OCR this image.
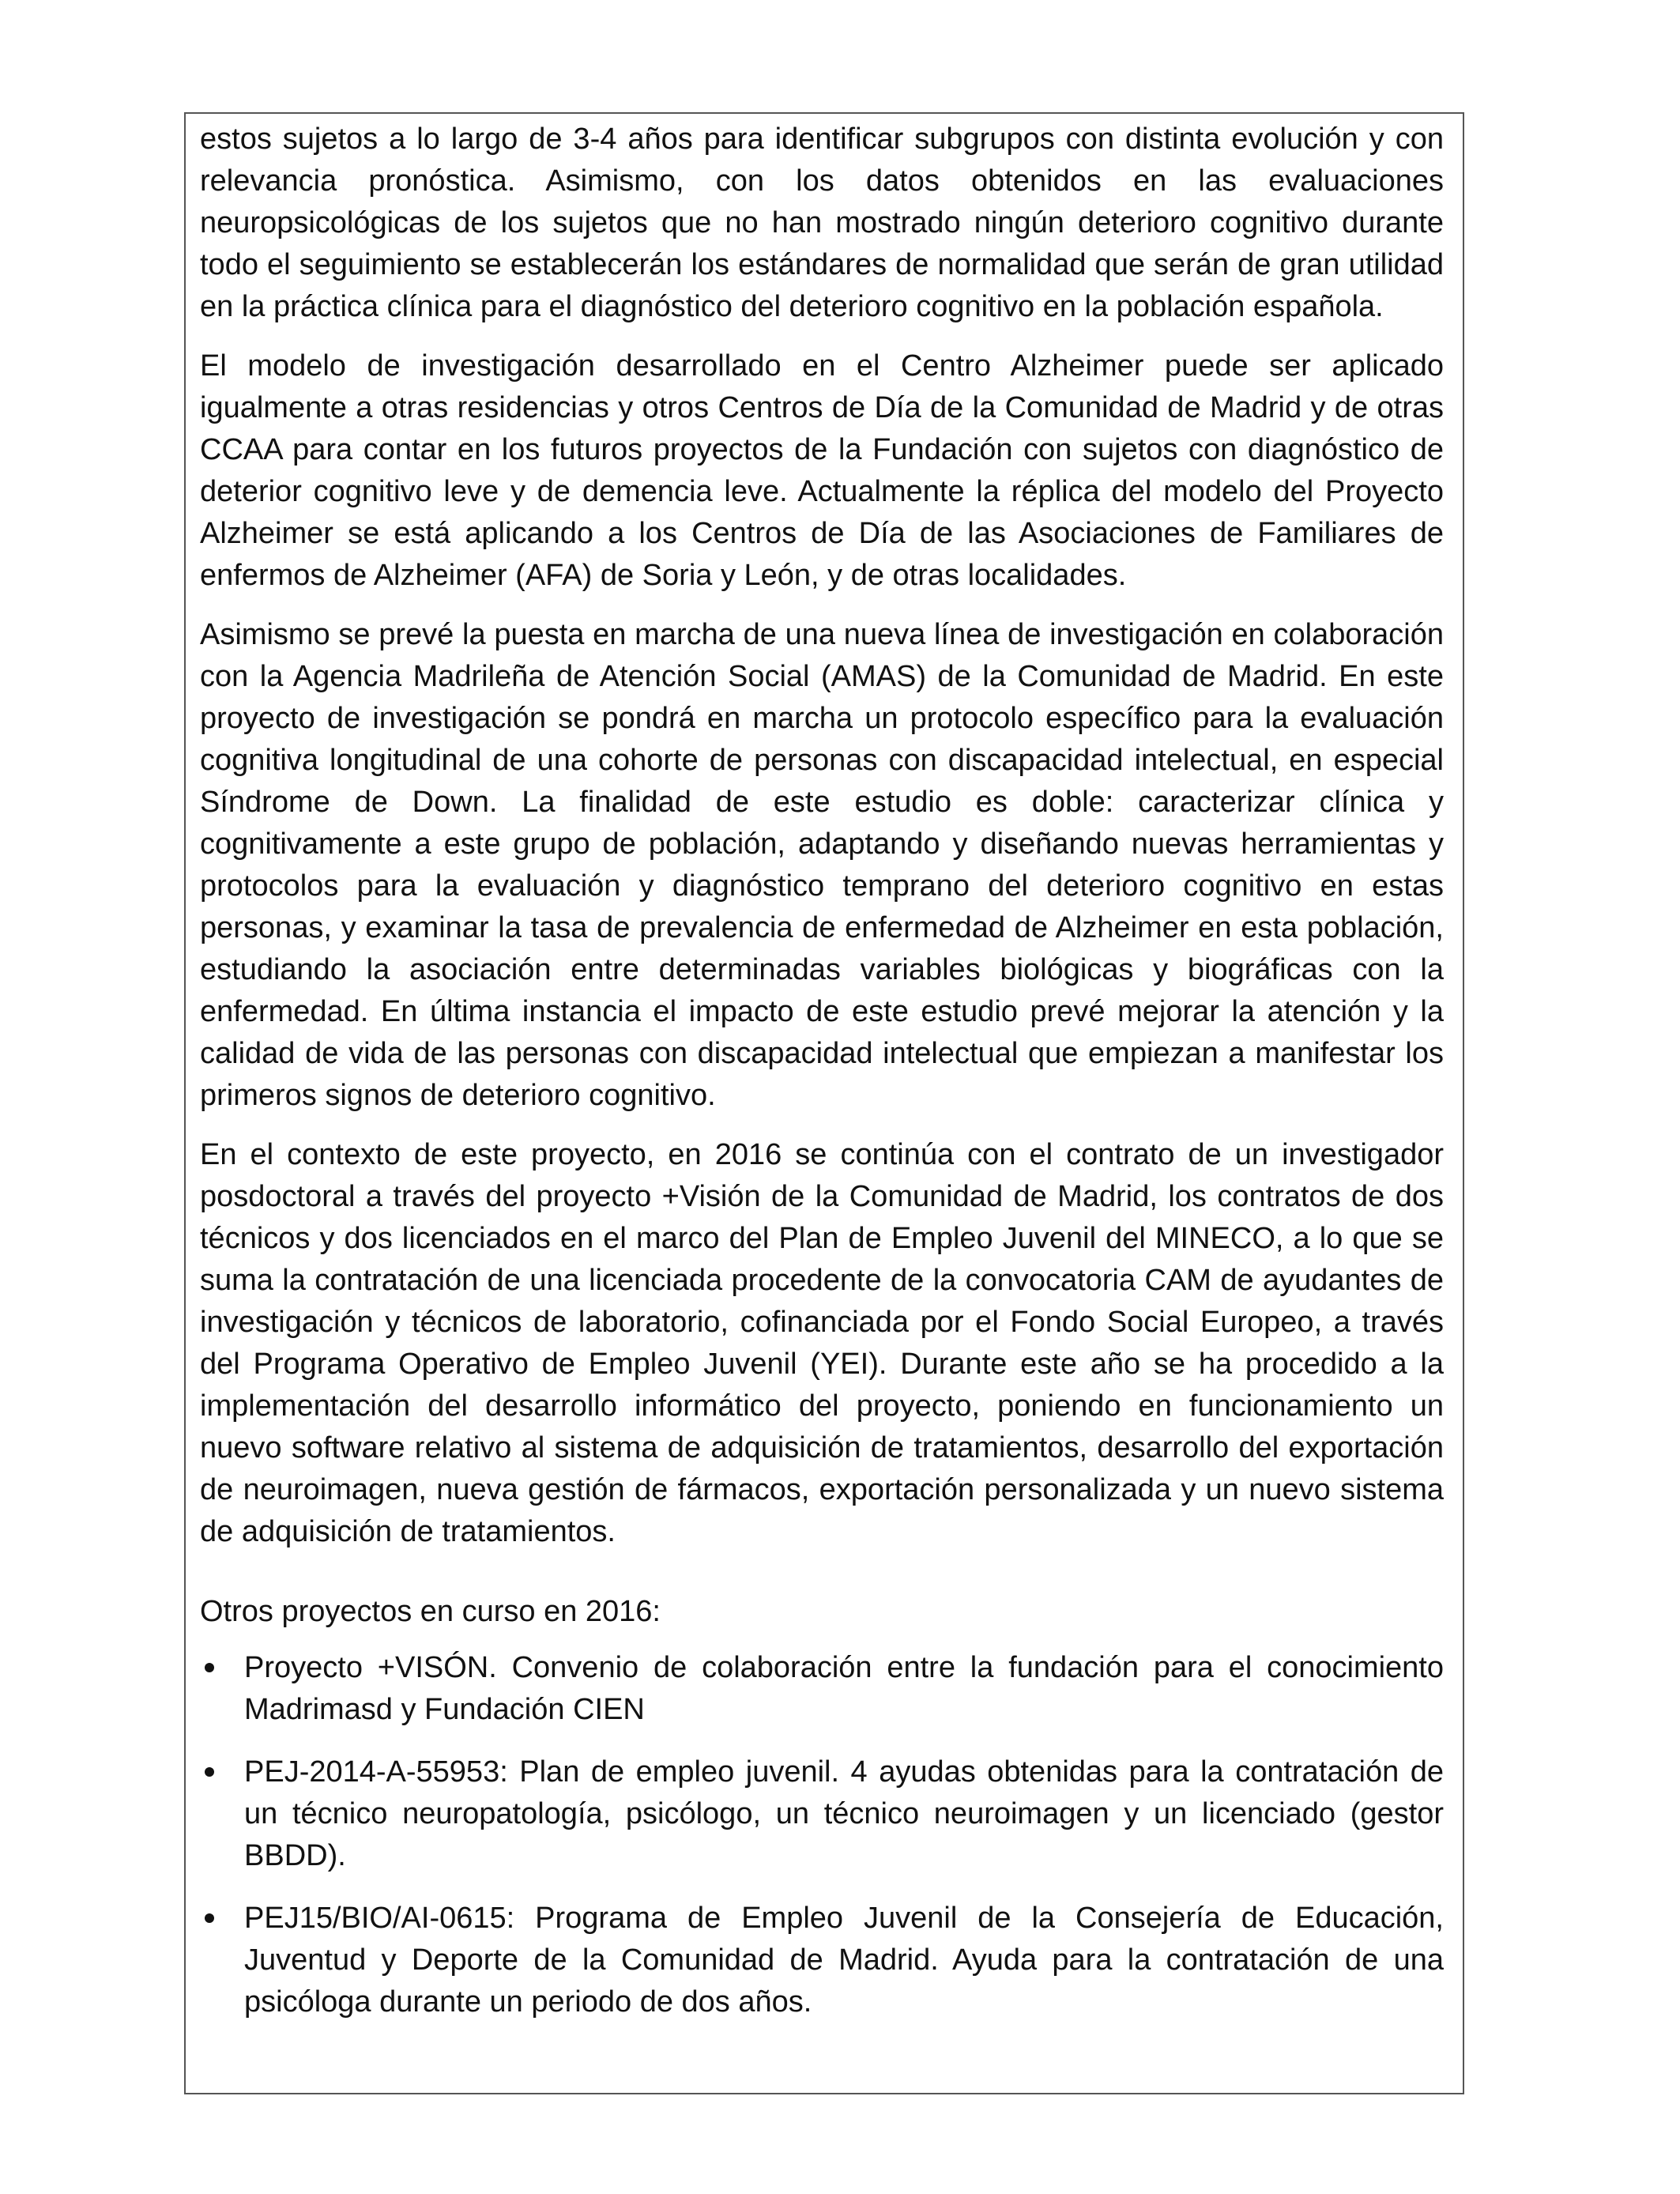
estos sujetos a lo largo de 3-4 años para identificar subgrupos con distinta evolución y con relevancia pronóstica. Asimismo, con los datos obtenidos en las evaluaciones neuropsicológicas de los sujetos que no han mostrado ningún deterioro cognitivo durante todo el seguimiento se establecerán los estándares de normalidad que serán de gran utilidad en la práctica clínica para el diagnóstico del deterioro cognitivo en la población española.

El modelo de investigación desarrollado en el Centro Alzheimer puede ser aplicado igualmente a otras residencias y otros Centros de Día de la Comunidad de Madrid y de otras CCAA para contar en los futuros proyectos de la Fundación con sujetos con diagnóstico de deterior cognitivo leve y de demencia leve. Actualmente la réplica del modelo del Proyecto Alzheimer se está aplicando a los Centros de Día de las Asociaciones de Familiares de enfermos de Alzheimer (AFA) de Soria y León, y de otras localidades.

Asimismo se prevé la puesta en marcha de una nueva línea de investigación en colaboración con la Agencia Madrileña de Atención Social (AMAS) de la Comunidad de Madrid. En este proyecto de investigación se pondrá en marcha un protocolo específico para la evaluación cognitiva longitudinal de una cohorte de personas con discapacidad intelectual, en especial Síndrome de Down. La finalidad de este estudio es doble: caracterizar clínica y cognitivamente a este grupo de población, adaptando y diseñando nuevas herramientas y protocolos para la evaluación y diagnóstico temprano del deterioro cognitivo en estas personas, y examinar la tasa de prevalencia de enfermedad de Alzheimer en esta población, estudiando la asociación entre determinadas variables biológicas y biográficas con la enfermedad. En última instancia el impacto de este estudio prevé mejorar la atención y la calidad de vida de las personas con discapacidad intelectual que empiezan a manifestar los primeros signos de deterioro cognitivo.

En el contexto de este proyecto, en 2016 se continúa con el contrato de un investigador posdoctoral a través del proyecto +Visión de la Comunidad de Madrid, los contratos de dos técnicos y dos licenciados en el marco del Plan de Empleo Juvenil del MINECO, a lo que se suma la contratación de una licenciada procedente de la convocatoria CAM de ayudantes de investigación y técnicos de laboratorio, cofinanciada por el Fondo Social Europeo, a través del Programa Operativo de Empleo Juvenil (YEI). Durante este año se ha procedido a la implementación del desarrollo informático del proyecto, poniendo en funcionamiento un nuevo software relativo al sistema de adquisición de tratamientos, desarrollo del exportación de neuroimagen, nueva gestión de fármacos, exportación personalizada y un nuevo sistema de adquisición de tratamientos.

Otros proyectos en curso en 2016:

Proyecto +VISÓN. Convenio de colaboración entre la fundación para el conocimiento Madrimasd y Fundación CIEN
PEJ-2014-A-55953: Plan de empleo juvenil. 4 ayudas obtenidas para la contratación de un técnico neuropatología, psicólogo, un técnico neuroimagen y un licenciado (gestor BBDD).
PEJ15/BIO/AI-0615: Programa de Empleo Juvenil de la Consejería de Educación, Juventud y Deporte de la Comunidad de Madrid. Ayuda para la contratación de una psicóloga durante un periodo de dos años.
